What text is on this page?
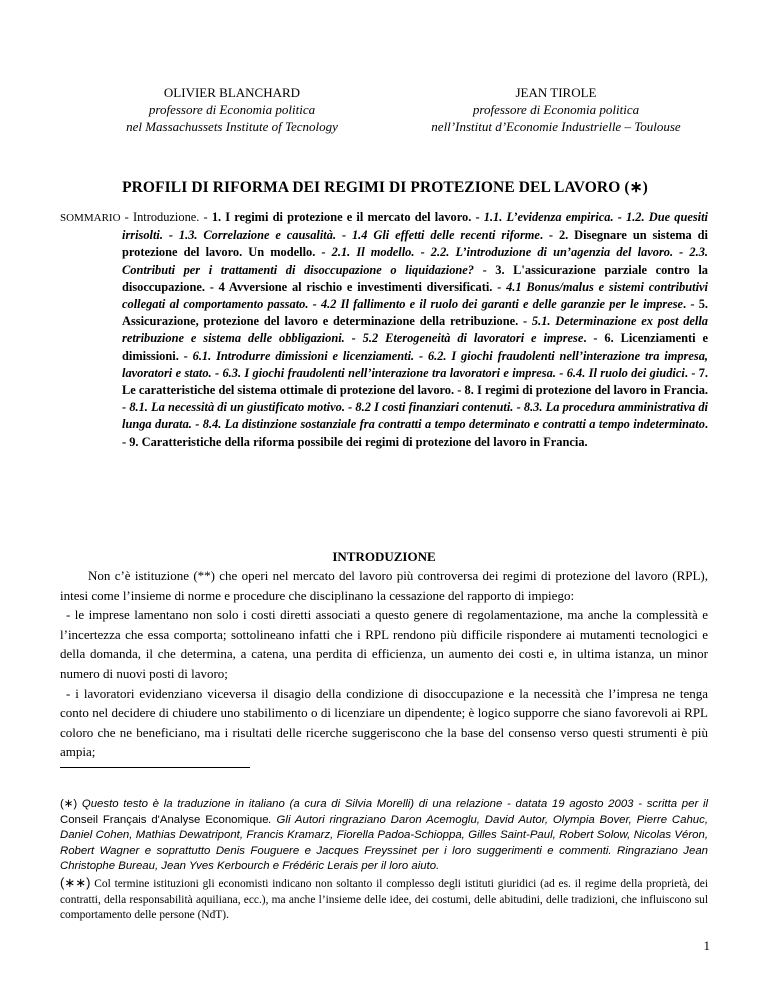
OLIVIER BLANCHARD
professore di Economia politica
nel Massachussets Institute of Tecnology
JEAN TIROLE
professore di Economia politica
nell’Institut d’Economie Industrielle – Toulouse
PROFILI DI RIFORMA DEI REGIMI DI PROTEZIONE DEL LAVORO (∗)

SOMMARIO - Introduzione. - 1. I regimi di protezione e il mercato del lavoro. - 1.1. L’evidenza empirica. - 1.2. Due quesiti irrisolti. - 1.3. Correlazione e causalità. - 1.4 Gli effetti delle recenti riforme. - 2. Disegnare un sistema di protezione del lavoro. Un modello. - 2.1. Il modello. - 2.2. L’introduzione di un’agenzia del lavoro. - 2.3. Contributi per i trattamenti di disoccupazione o liquidazione? - 3. L'assicurazione parziale contro la disoccupazione. - 4 Avversione al rischio e investimenti diversificati. - 4.1 Bonus/malus e sistemi contributivi collegati al comportamento passato. - 4.2 Il fallimento e il ruolo dei garanti e delle garanzie per le imprese. - 5. Assicurazione, protezione del lavoro e determinazione della retribuzione. - 5.1. Determinazione ex post della retribuzione e sistema delle obbligazioni. - 5.2 Eterogeneità di lavoratori e imprese. - 6. Licenziamenti e dimissioni. - 6.1. Introdurre dimissioni e licenziamenti. - 6.2. I giochi fraudolenti nell’interazione tra impresa, lavoratori e stato. - 6.3. I giochi fraudolenti nell’interazione tra lavoratori e impresa. - 6.4. Il ruolo dei giudici. - 7. Le caratteristiche del sistema ottimale di protezione del lavoro. - 8. I regimi di protezione del lavoro in Francia. - 8.1. La necessità di un giustificato motivo. - 8.2 I costi finanziari contenuti. - 8.3. La procedura amministrativa di lunga durata. - 8.4. La distinzione sostanziale fra contratti a tempo determinato e contratti a tempo indeterminato. - 9. Caratteristiche della riforma possibile dei regimi di protezione del lavoro in Francia.

INTRODUZIONE

Non c’è istituzione (**) che operi nel mercato del lavoro più controversa dei regimi di protezione del lavoro (RPL), intesi come l’insieme di norme e procedure che disciplinano la cessazione del rapporto di impiego:

- le imprese lamentano non solo i costi diretti associati a questo genere di regolamentazione, ma anche la complessità e l’incertezza che essa comporta; sottolineano infatti che i RPL rendono più difficile rispondere ai mutamenti tecnologici e della domanda, il che determina, a catena, una perdita di efficienza, un aumento dei costi e, in ultima istanza, un minor numero di nuovi posti di lavoro;

- i lavoratori evidenziano viceversa il disagio della condizione di disoccupazione e la necessità che l’impresa ne tenga conto nel decidere di chiudere uno stabilimento o di licenziare un dipendente; è logico supporre che siano favorevoli ai RPL coloro che ne beneficiano, ma i risultati delle ricerche suggeriscono che la base del consenso verso questi strumenti è più ampia;

(∗) Questo testo è la traduzione in italiano (a cura di Silvia Morelli) di una relazione - datata 19 agosto 2003 - scritta per il Conseil Français d'Analyse Economique. Gli Autori ringraziano Daron Acemoglu, David Autor, Olympia Bover, Pierre Cahuc, Daniel Cohen, Mathias Dewatripont, Francis Kramarz, Fiorella Padoa-Schioppa, Gilles Saint-Paul, Robert Solow, Nicolas Véron, Robert Wagner e soprattutto Denis Fouguere e Jacques Freyssinet per i loro suggerimenti e commenti. Ringraziano Jean Christophe Bureau, Jean Yves Kerbourch e Frédéric Lerais per il loro aiuto.
(∗∗) Col termine istituzioni gli economisti indicano non soltanto il complesso degli istituti giuridici (ad es. il regime della proprietà, dei contratti, della responsabilità aquiliana, ecc.), ma anche l’insieme delle idee, dei costumi, delle abitudini, delle tradizioni, che influiscono sul comportamento delle persone (NdT).
1
